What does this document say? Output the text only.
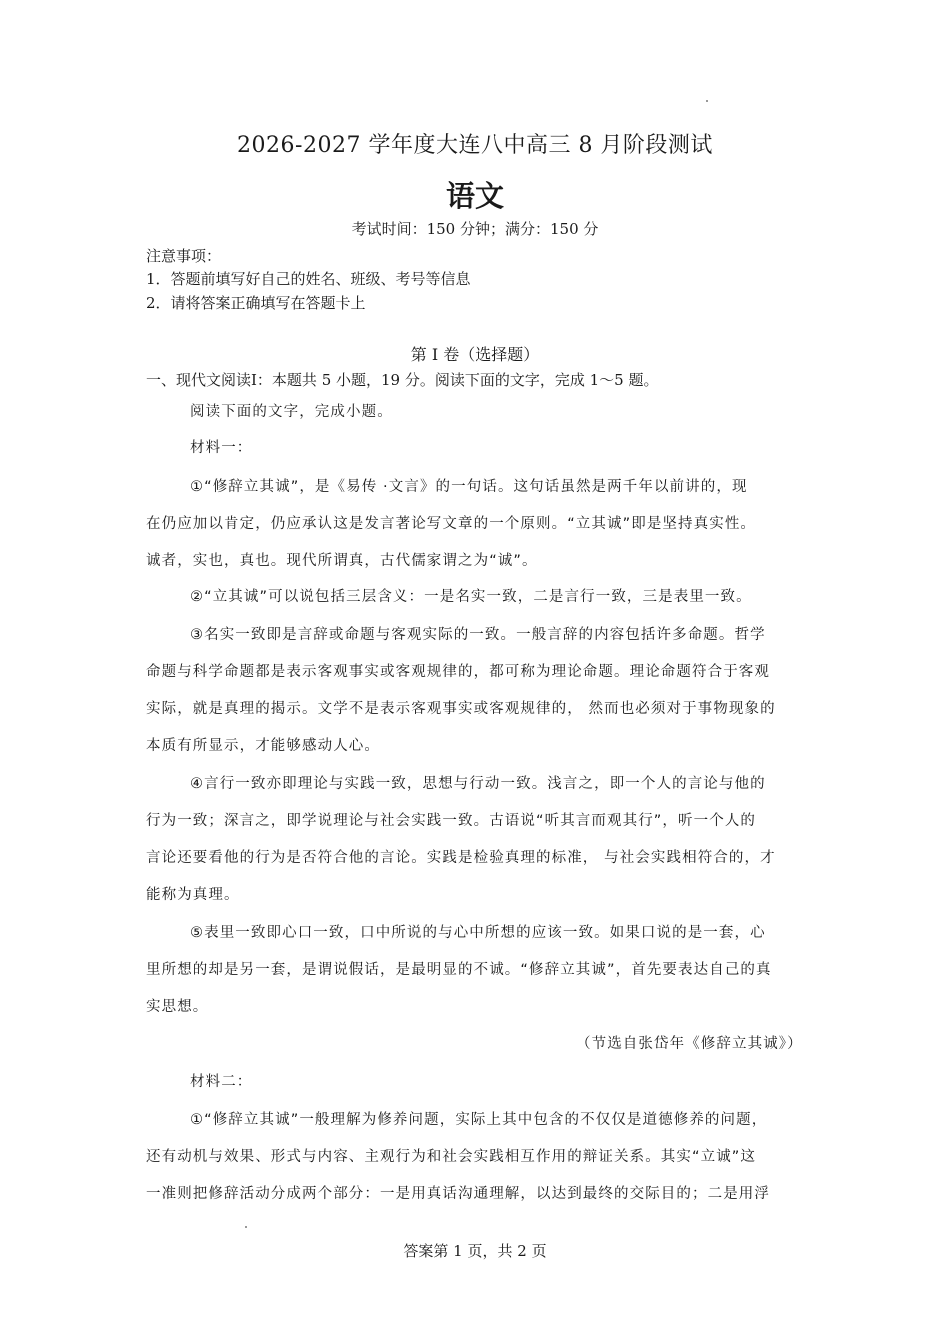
2026-2027 学年度大连八中高三 8 月阶段测试
语文
考试时间：150 分钟；满分：150 分
注意事项：
1．答题前填写好自己的姓名、班级、考号等信息
2．请将答案正确填写在答题卡上
第 I 卷（选择题）
一、现代文阅读Ⅰ：本题共 5 小题，19 分。阅读下面的文字，完成 1～5 题。
阅读下面的文字，完成小题。
材料一：
①“修辞立其诚”，是《易传 ·文言》的一句话。这句话虽然是两千年以前讲的，现
在仍应加以肯定，仍应承认这是发言著论写文章的一个原则。“立其诚”即是坚持真实性。
诚者，实也，真也。现代所谓真，古代儒家谓之为“诚”。
②“立其诚”可以说包括三层含义：一是名实一致，二是言行一致，三是表里一致。
③名实一致即是言辞或命题与客观实际的一致。一般言辞的内容包括许多命题。哲学
命题与科学命题都是表示客观事实或客观规律的，都可称为理论命题。理论命题符合于客观
实际，就是真理的揭示。文学不是表示客观事实或客观规律的， 然而也必须对于事物现象的
本质有所显示，才能够感动人心。
④言行一致亦即理论与实践一致，思想与行动一致。浅言之，即一个人的言论与他的
行为一致；深言之，即学说理论与社会实践一致。古语说“听其言而观其行”，听一个人的
言论还要看他的行为是否符合他的言论。实践是检验真理的标准， 与社会实践相符合的，才
能称为真理。
⑤表里一致即心口一致，口中所说的与心中所想的应该一致。如果口说的是一套，心
里所想的却是另一套，是谓说假话，是最明显的不诚。“修辞立其诚”，首先要表达自己的真
实思想。
（节选自张岱年《修辞立其诚》）
材料二：
①“修辞立其诚”一般理解为修养问题，实际上其中包含的不仅仅是道德修养的问题，
还有动机与效果、形式与内容、主观行为和社会实践相互作用的辩证关系。其实“立诚”这
一准则把修辞活动分成两个部分：一是用真话沟通理解，以达到最终的交际目的；二是用浮
答案第 1 页，共 2 页
